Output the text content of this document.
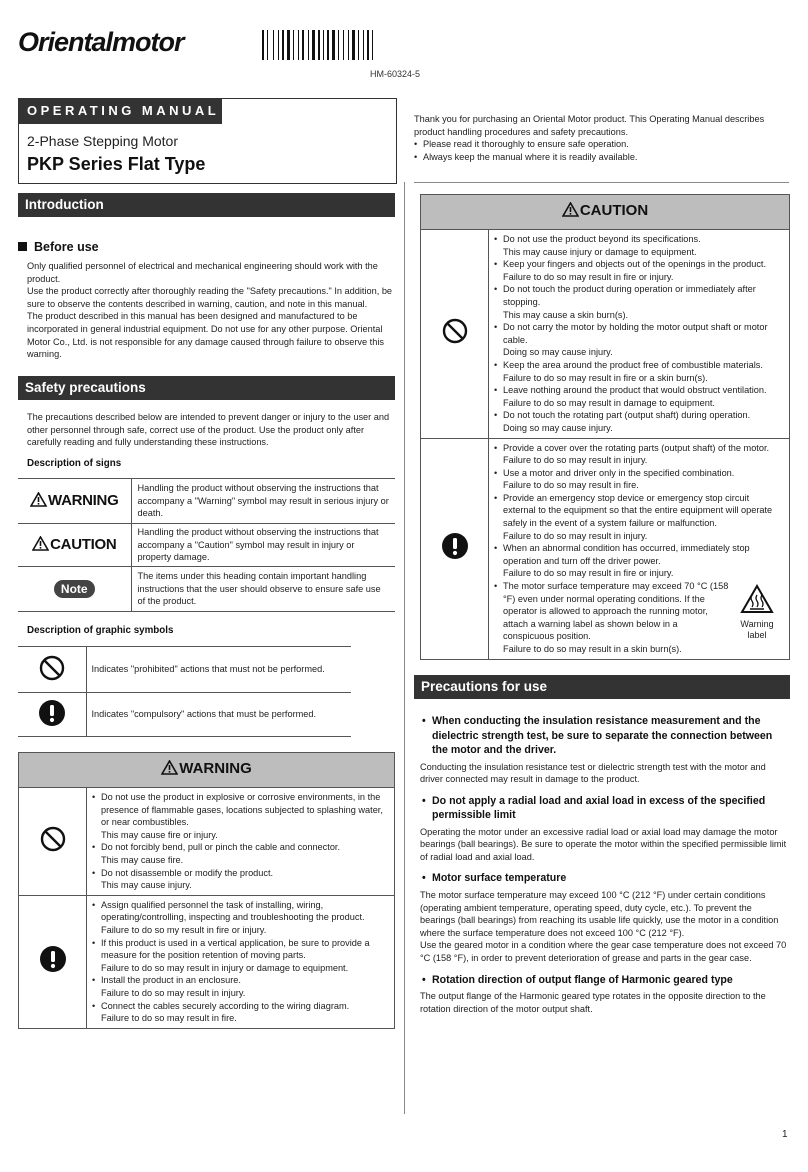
Orientalmotor
HM-60324-5
OPERATING MANUAL
2-Phase Stepping Motor
PKP Series Flat Type
Thank you for purchasing an Oriental Motor product. This Operating Manual describes product handling procedures and safety precautions.
• Please read it thoroughly to ensure safe operation.
• Always keep the manual where it is readily available.
Introduction
Before use
Only qualified personnel of electrical and mechanical engineering should work with the product.
Use the product correctly after thoroughly reading the "Safety precautions." In addition, be sure to observe the contents described in warning, caution, and note in this manual.
The product described in this manual has been designed and manufactured to be incorporated in general industrial equipment. Do not use for any other purpose. Oriental Motor Co., Ltd. is not responsible for any damage caused through failure to observe this warning.
Safety precautions
The precautions described below are intended to prevent danger or injury to the user and other personnel through safe, correct use of the product. Use the product only after carefully reading and fully understanding these instructions.
Description of signs
WARNING	Handling the product without observing the instructions that accompany a "Warning" symbol may result in serious injury or death.
CAUTION	Handling the product without observing the instructions that accompany a "Caution" symbol may result in injury or property damage.
Note	The items under this heading contain important handling instructions that the user should observe to ensure safe use of the product.
Description of graphic symbols
	Indicates "prohibited" actions that must not be performed.
	Indicates "compulsory" actions that must be performed.
WARNING
• Do not use the product in explosive or corrosive environments, in the presence of flammable gases, locations subjected to splashing water, or near combustibles.
This may cause fire or injury.
• Do not forcibly bend, pull or pinch the cable and connector.
This may cause fire.
• Do not disassemble or modify the product.
This may cause injury.
• Assign qualified personnel the task of installing, wiring, operating/controlling, inspecting and troubleshooting the product.
Failure to do so my result in fire or injury.
• If this product is used in a vertical application, be sure to provide a measure for the position retention of moving parts.
Failure to do so may result in injury or damage to equipment.
• Install the product in an enclosure.
Failure to do so may result in injury.
• Connect the cables securely according to the wiring diagram.
Failure to do so may result in fire.
CAUTION
• Do not use the product beyond its specifications.
This may cause injury or damage to equipment.
• Keep your fingers and objects out of the openings in the product.
Failure to do so may result in fire or injury.
• Do not touch the product during operation or immediately after stopping.
This may cause a skin burn(s).
• Do not carry the motor by holding the motor output shaft or motor cable.
Doing so may cause injury.
• Keep the area around the product free of combustible materials.
Failure to do so may result in fire or a skin burn(s).
• Leave nothing around the product that would obstruct ventilation.
Failure to do so may result in damage to equipment.
• Do not touch the rotating part (output shaft) during operation.
Doing so may cause injury.
• Provide a cover over the rotating parts (output shaft) of the motor.
Failure to do so may result in injury.
• Use a motor and driver only in the specified combination.
Failure to do so may result in fire.
• Provide an emergency stop device or emergency stop circuit external to the equipment so that the entire equipment will operate safely in the event of a system failure or malfunction.
Failure to do so may result in injury.
• When an abnormal condition has occurred, immediately stop operation and turn off the driver power.
Failure to do so may result in fire or injury.
• The motor surface temperature may exceed 70 °C (158 °F) even under normal operating conditions. If the operator is allowed to approach the running motor, attach a warning label as shown below in a conspicuous position.
Failure to do so may result in a skin burn(s).
Warning label
Precautions for use
• When conducting the insulation resistance measurement and the dielectric strength test, be sure to separate the connection between the motor and the driver.
Conducting the insulation resistance test or dielectric strength test with the motor and driver connected may result in damage to the product.
• Do not apply a radial load and axial load in excess of the specified permissible limit
Operating the motor under an excessive radial load or axial load may damage the motor bearings (ball bearings). Be sure to operate the motor within the specified permissible limit of radial load and axial load.
• Motor surface temperature
The motor surface temperature may exceed 100 °C (212 °F) under certain conditions (operating ambient temperature, operating speed, duty cycle, etc.). To prevent the bearings (ball bearings) from reaching its usable life quickly, use the motor in a condition where the surface temperature does not exceed 100 °C (212 °F).
Use the geared motor in a condition where the gear case temperature does not exceed 70 °C (158 °F), in order to prevent deterioration of grease and parts in the gear case.
• Rotation direction of output flange of Harmonic geared type
The output flange of the Harmonic geared type rotates in the opposite direction to the rotation direction of the motor output shaft.
1
